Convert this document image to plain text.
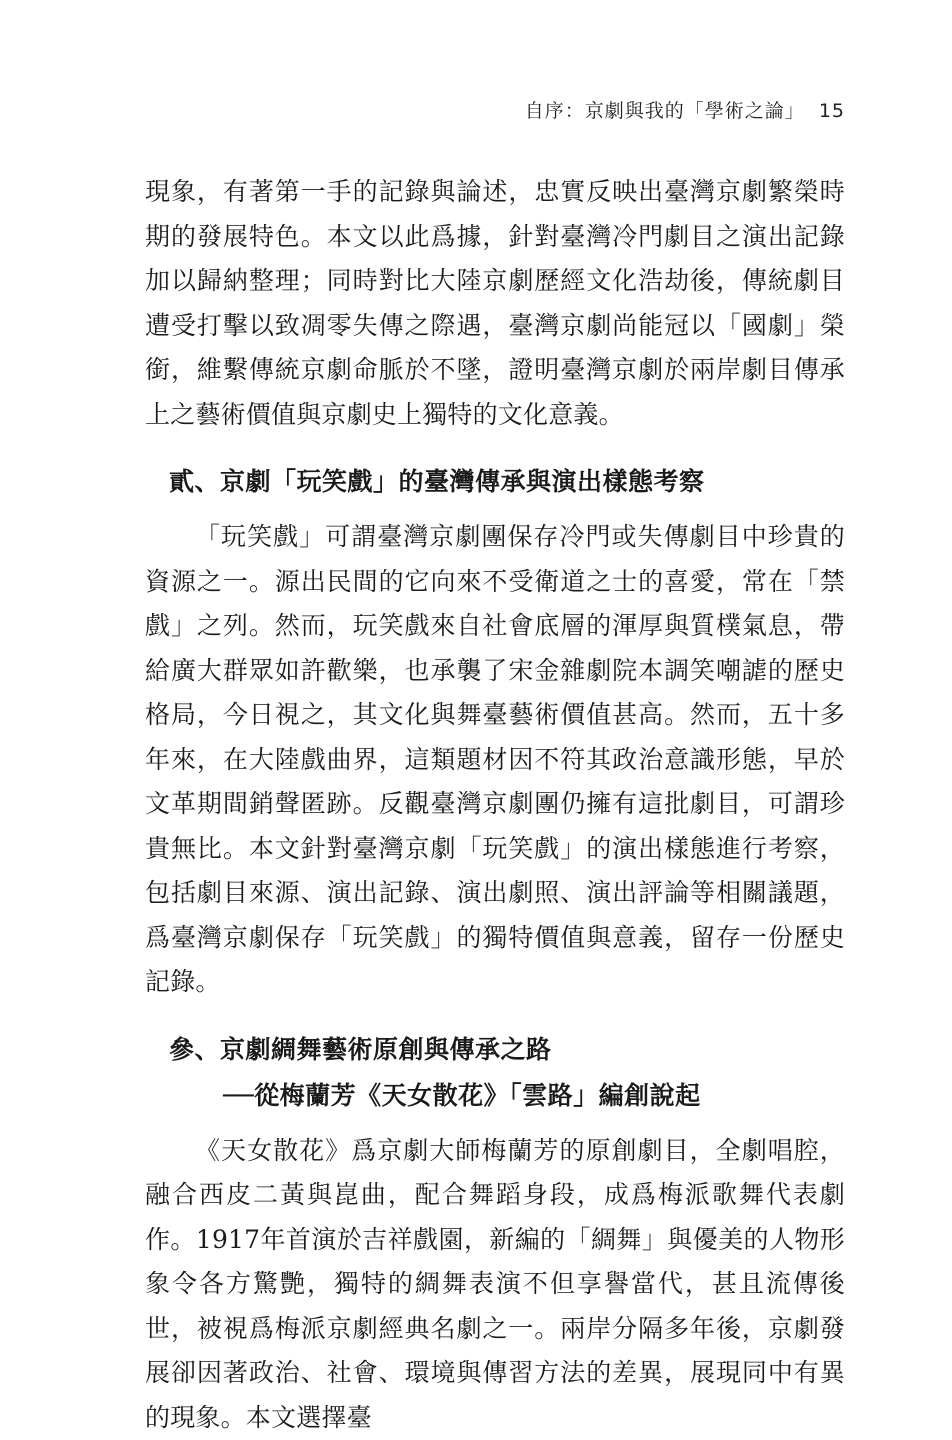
自序：京劇與我的「學術之論」 15

現象，有著第一手的記錄與論述，忠實反映出臺灣京劇繁榮時期的發展特色。本文以此爲據，針對臺灣冷門劇目之演出記錄加以歸納整理；同時對比大陸京劇歷經文化浩劫後，傳統劇目遭受打擊以致凋零失傳之際遇，臺灣京劇尚能冠以「國劇」榮銜，維繫傳統京劇命脈於不墜，證明臺灣京劇於兩岸劇目傳承上之藝術價值與京劇史上獨特的文化意義。

貳、京劇「玩笑戲」的臺灣傳承與演出樣態考察

「玩笑戲」可謂臺灣京劇團保存冷門或失傳劇目中珍貴的資源之一。源出民間的它向來不受衛道之士的喜愛，常在「禁戲」之列。然而，玩笑戲來自社會底層的渾厚與質樸氣息，帶給廣大群眾如許歡樂，也承襲了宋金雜劇院本調笑嘲謔的歷史格局，今日視之，其文化與舞臺藝術價值甚高。然而，五十多年來，在大陸戲曲界，這類題材因不符其政治意識形態，早於文革期間銷聲匿跡。反觀臺灣京劇團仍擁有這批劇目，可謂珍貴無比。本文針對臺灣京劇「玩笑戲」的演出樣態進行考察，包括劇目來源、演出記錄、演出劇照、演出評論等相關議題，爲臺灣京劇保存「玩笑戲」的獨特價值與意義，留存一份歷史記錄。

參、京劇綢舞藝術原創與傳承之路
──從梅蘭芳《天女散花》「雲路」編創說起

《天女散花》爲京劇大師梅蘭芳的原創劇目，全劇唱腔，融合西皮二黃與崑曲，配合舞蹈身段，成爲梅派歌舞代表劇作。1917年首演於吉祥戲園，新編的「綢舞」與優美的人物形象令各方驚艷，獨特的綢舞表演不但享譽當代，甚且流傳後世，被視爲梅派京劇經典名劇之一。兩岸分隔多年後，京劇發展卻因著政治、社會、環境與傳習方法的差異，展現同中有異的現象。本文選擇臺
